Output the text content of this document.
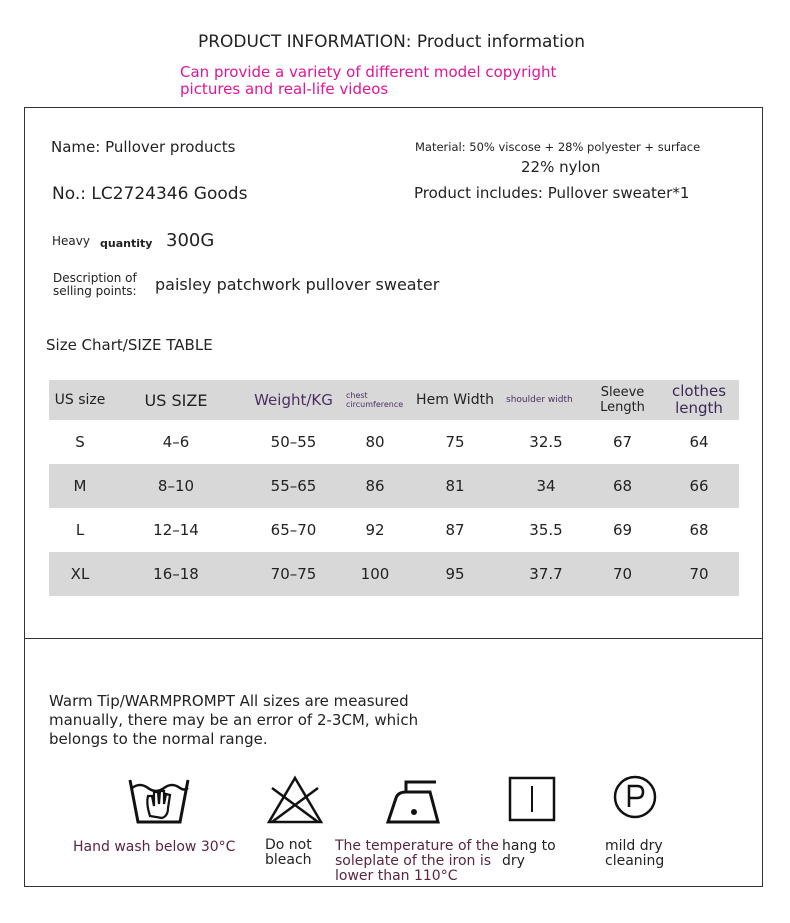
PRODUCT INFORMATION: Product information
Can provide a variety of different model copyright pictures and real-life videos
Name: Pullover products
No.: LC2724346 Goods
Heavy quantity 300G
Description of selling points:	paisley patchwork pullover sweater
Material: 50% viscose + 28% polyester + surface
22% nylon
Product includes: Pullover sweater*1
Size Chart/SIZE TABLE
US size	US SIZE	Weight/KG	chest circumference	Hem Width	shoulder width	Sleeve Length	clothes length
S	4–6	50–55	80	75	32.5	67	64
M	8–10	55–65	86	81	34	68	66
L	12–14	65–70	92	87	35.5	69	68
XL	16–18	70–75	100	95	37.7	70	70
Warm Tip/WARMPROMPT All sizes are measured manually, there may be an error of 2-3CM, which belongs to the normal range.
Hand wash below 30°C Do not bleach
The temperature of the soleplate of the iron is lower than 110°C
hang to dry
mild dry cleaning
